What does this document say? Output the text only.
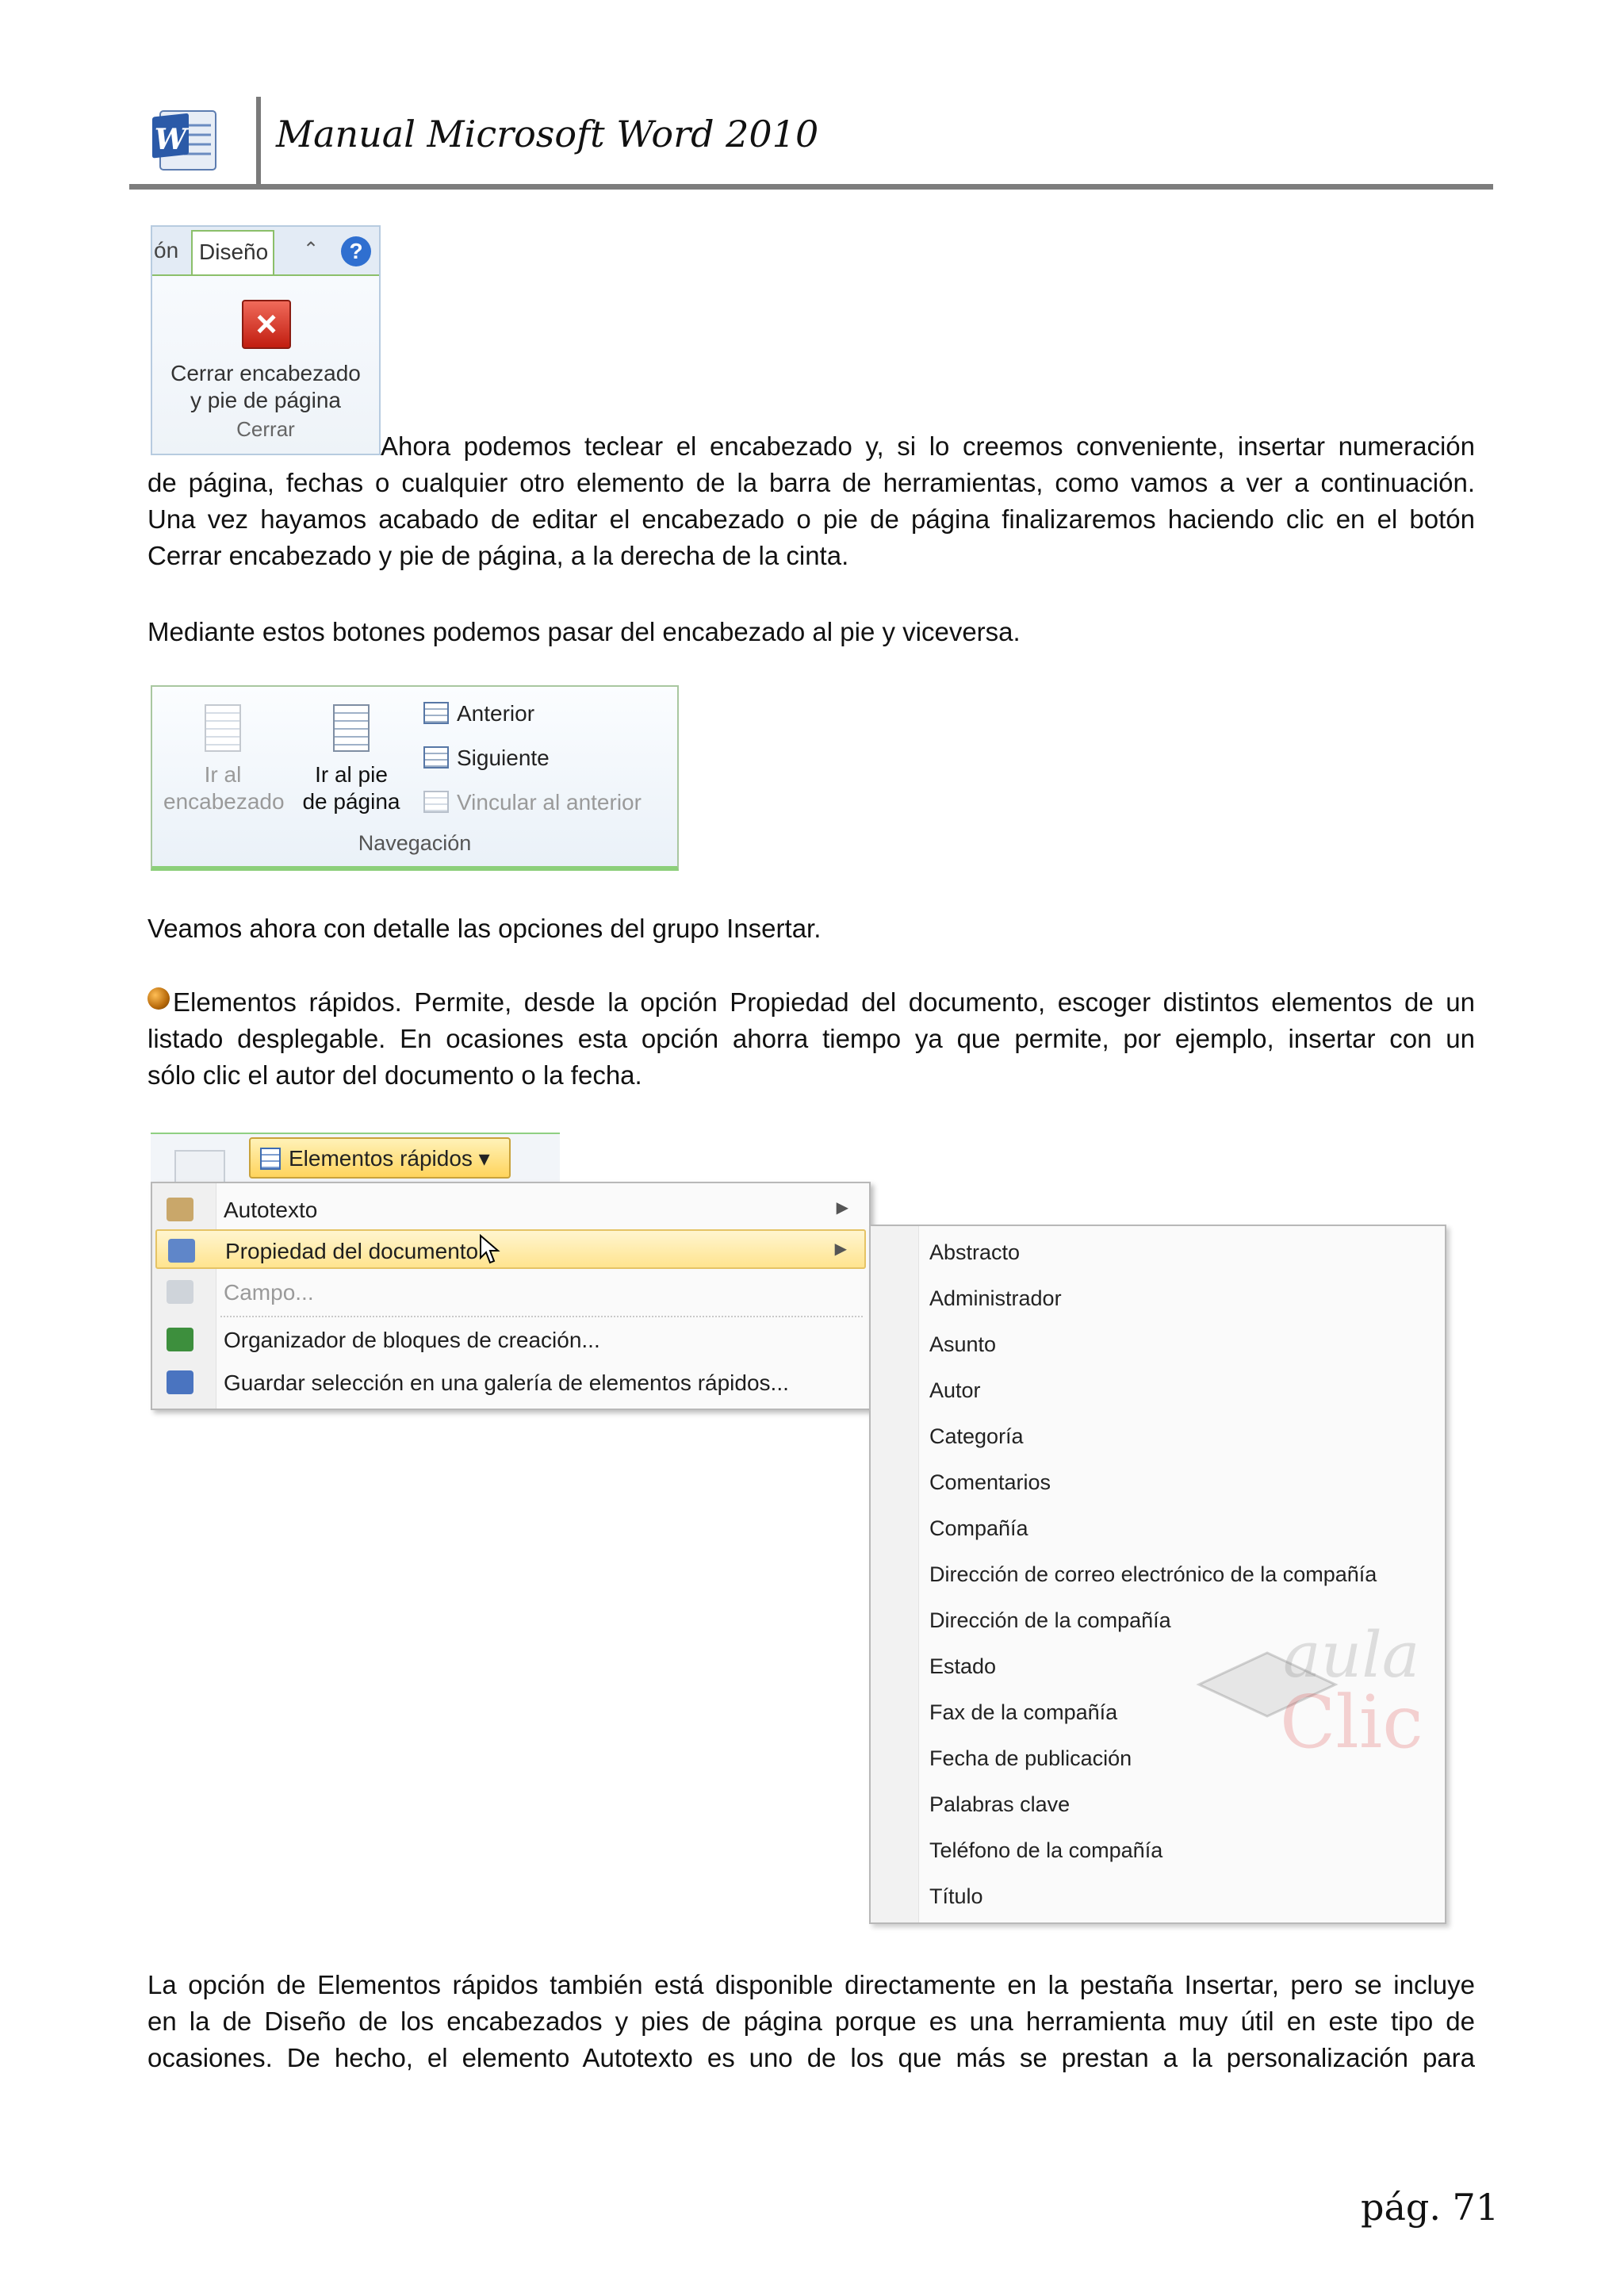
W Manual Microsoft Word 2010
ón Diseño	⌃	?
×
Cerrar encabezado
y pie de página
Cerrar
Ahora podemos teclear el encabezado y, si lo creemos conveniente, insertar numeración
de página, fechas o cualquier otro elemento de la barra de herramientas, como vamos a ver a continuación.
Una vez hayamos acabado de editar el encabezado o pie de página finalizaremos haciendo clic en el botón
Cerrar encabezado y pie de página, a la derecha de la cinta.
Mediante estos botones podemos pasar del encabezado al pie y viceversa.
Ir al
encabezado
Ir al pie
de página
Anterior
Siguiente
Vincular al anterior
Navegación
Veamos ahora con detalle las opciones del grupo Insertar.
Elementos rápidos. Permite, desde la opción Propiedad del documento, escoger distintos elementos de un
listado desplegable. En ocasiones esta opción ahorra tiempo ya que permite, por ejemplo, insertar con un
sólo clic el autor del documento o la fecha.
Elementos rápidos ▾
Autotexto	▶
Propiedad del documento	▶
Campo...
Organizador de bloques de creación...
Guardar selección en una galería de elementos rápidos...
Abstracto
Administrador
Asunto
Autor
Categoría
Comentarios
Compañía
Dirección de correo electrónico de la compañía
Dirección de la compañía
Estado
Fax de la compañía
Fecha de publicación
Palabras clave
Teléfono de la compañía
Título
aula
Clic
La opción de Elementos rápidos también está disponible directamente en la pestaña Insertar, pero se incluye
en la de Diseño de los encabezados y pies de página porque es una herramienta muy útil en este tipo de
ocasiones. De hecho, el elemento Autotexto es uno de los que más se prestan a la personalización para
pág. 71
